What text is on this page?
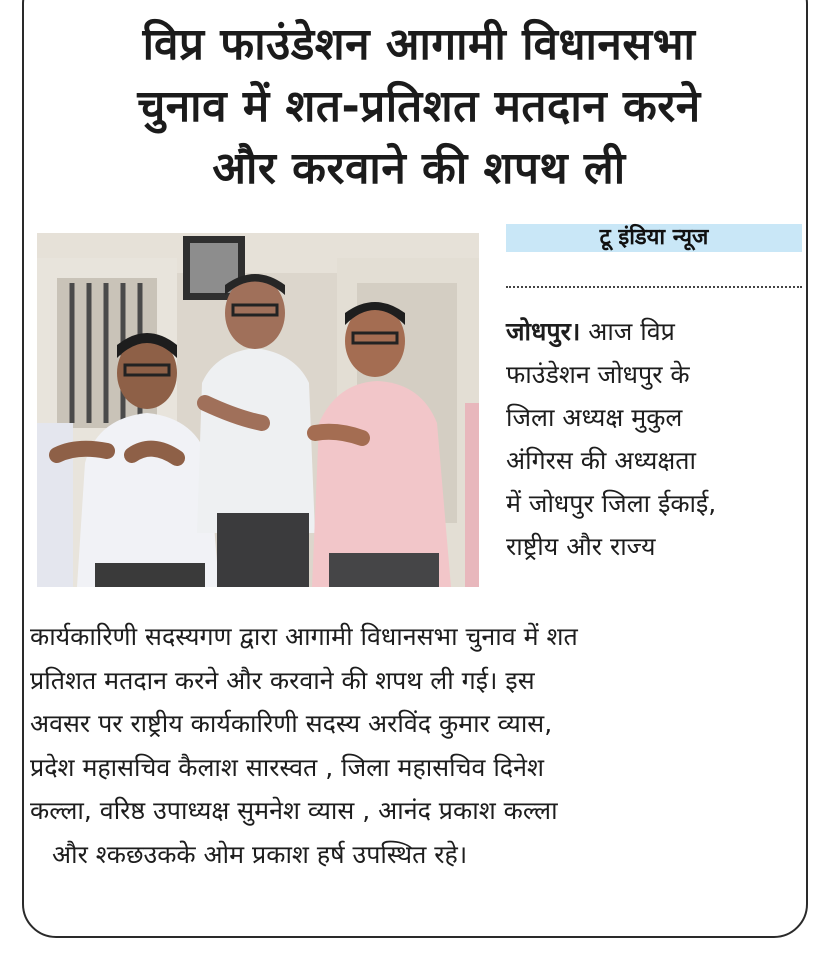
विप्र फाउंडेशन आगामी विधानसभा
चुनाव में शत-प्रतिशत मतदान करने
और करवाने की शपथ ली
टू इंडिया न्यूज
जोधपुर। आज विप्र
फाउंडेशन जोधपुर के
जिला अध्यक्ष मुकुल
अंगिरस की अध्यक्षता
में जोधपुर जिला ईकाई,
राष्ट्रीय और राज्य
कार्यकारिणी सदस्यगण द्वारा आगामी विधानसभा चुनाव में शत
प्रतिशत मतदान करने और करवाने की शपथ ली गई। इस
अवसर पर राष्ट्रीय कार्यकारिणी सदस्य अरविंद कुमार व्यास,
प्रदेश महासचिव कैलाश सारस्वत , जिला महासचिव दिनेश
कल्ला, वरिष्ठ उपाध्यक्ष सुमनेश व्यास , आनंद प्रकाश कल्ला
और श्कछउककेे ओम प्रकाश हर्ष उपस्थित रहे।
